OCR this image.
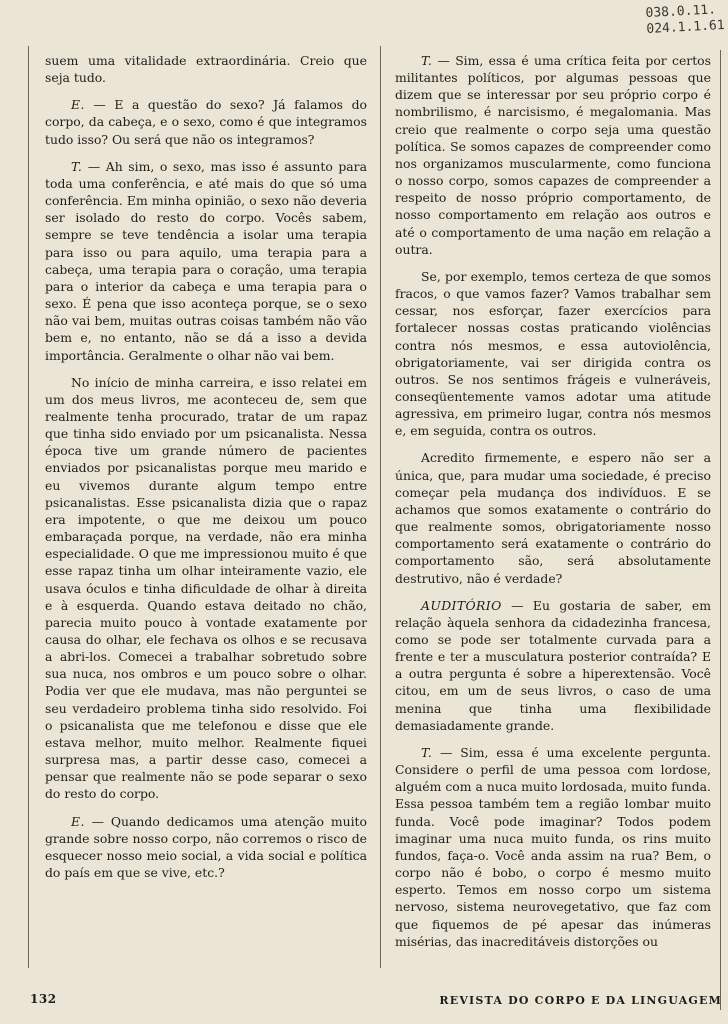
038.0.11.
024.1.1.61

suem uma vitalidade extraordinária. Creio que seja tudo.

E. — E a questão do sexo? Já falamos do corpo, da cabeça, e o sexo, como é que integramos tudo isso? Ou será que não os integramos?

T. — Ah sim, o sexo, mas isso é assunto para toda uma conferência, e até mais do que só uma conferência. Em minha opinião, o sexo não deveria ser isolado do resto do corpo. Vocês sabem, sempre se teve tendência a isolar uma terapia para isso ou para aquilo, uma terapia para a cabeça, uma terapia para o coração, uma terapia para o interior da cabeça e uma terapia para o sexo. É pena que isso aconteça porque, se o sexo não vai bem, muitas outras coisas também não vão bem e, no entanto, não se dá a isso a devida importância. Geralmente o olhar não vai bem.

No início de minha carreira, e isso relatei em um dos meus livros, me aconteceu de, sem que realmente tenha procurado, tratar de um rapaz que tinha sido enviado por um psicanalista. Nessa época tive um grande número de pacientes enviados por psicanalistas porque meu marido e eu vivemos durante algum tempo entre psicanalistas. Esse psicanalista dizia que o rapaz era impotente, o que me deixou um pouco embaraçada porque, na verdade, não era minha especialidade. O que me impressionou muito é que esse rapaz tinha um olhar inteiramente vazio, ele usava óculos e tinha dificuldade de olhar à direita e à esquerda. Quando estava deitado no chão, parecia muito pouco à vontade exatamente por causa do olhar, ele fechava os olhos e se recusava a abri-los. Comecei a trabalhar sobretudo sobre sua nuca, nos ombros e um pouco sobre o olhar. Podia ver que ele mudava, mas não perguntei se seu verdadeiro problema tinha sido resolvido. Foi o psicanalista que me telefonou e disse que ele estava melhor, muito melhor. Realmente fiquei surpresa mas, a partir desse caso, comecei a pensar que realmente não se pode separar o sexo do resto do corpo.

E. — Quando dedicamos uma atenção muito grande sobre nosso corpo, não corremos o risco de esquecer nosso meio social, a vida social e política do país em que se vive, etc.?

T. — Sim, essa é uma crítica feita por certos militantes políticos, por algumas pessoas que dizem que se interessar por seu próprio corpo é nombrilismo, é narcisismo, é megalomania. Mas creio que realmente o corpo seja uma questão política. Se somos capazes de compreender como nos organizamos muscularmente, como funciona o nosso corpo, somos capazes de compreender a respeito de nosso próprio comportamento, de nosso comportamento em relação aos outros e até o comportamento de uma nação em relação a outra.

Se, por exemplo, temos certeza de que somos fracos, o que vamos fazer? Vamos trabalhar sem cessar, nos esforçar, fazer exercícios para fortalecer nossas costas praticando violências contra nós mesmos, e essa autoviolência, obrigatoriamente, vai ser dirigida contra os outros. Se nos sentimos frágeis e vulneráveis, conseqüentemente vamos adotar uma atitude agressiva, em primeiro lugar, contra nós mesmos e, em seguida, contra os outros.

Acredito firmemente, e espero não ser a única, que, para mudar uma sociedade, é preciso começar pela mudança dos indivíduos. E se achamos que somos exatamente o contrário do que realmente somos, obrigatoriamente nosso comportamento será exatamente o contrário do comportamento são, será absolutamente destrutivo, não é verdade?

AUDITÓRIO — Eu gostaria de saber, em relação àquela senhora da cidadezinha francesa, como se pode ser totalmente curvada para a frente e ter a musculatura posterior contraída? E a outra pergunta é sobre a hiperextensão. Você citou, em um de seus livros, o caso de uma menina que tinha uma flexibilidade demasiadamente grande.

T. — Sim, essa é uma excelente pergunta. Considere o perfil de uma pessoa com lordose, alguém com a nuca muito lordosada, muito funda. Essa pessoa também tem a região lombar muito funda. Você pode imaginar? Todos podem imaginar uma nuca muito funda, os rins muito fundos, faça-o. Você anda assim na rua? Bem, o corpo não é bobo, o corpo é mesmo muito esperto. Temos em nosso corpo um sistema nervoso, sistema neurovegetativo, que faz com que fiquemos de pé apesar das inúmeras misérias, das inacreditáveis distorções ou

132	REVISTA DO CORPO E DA LINGUAGEM
